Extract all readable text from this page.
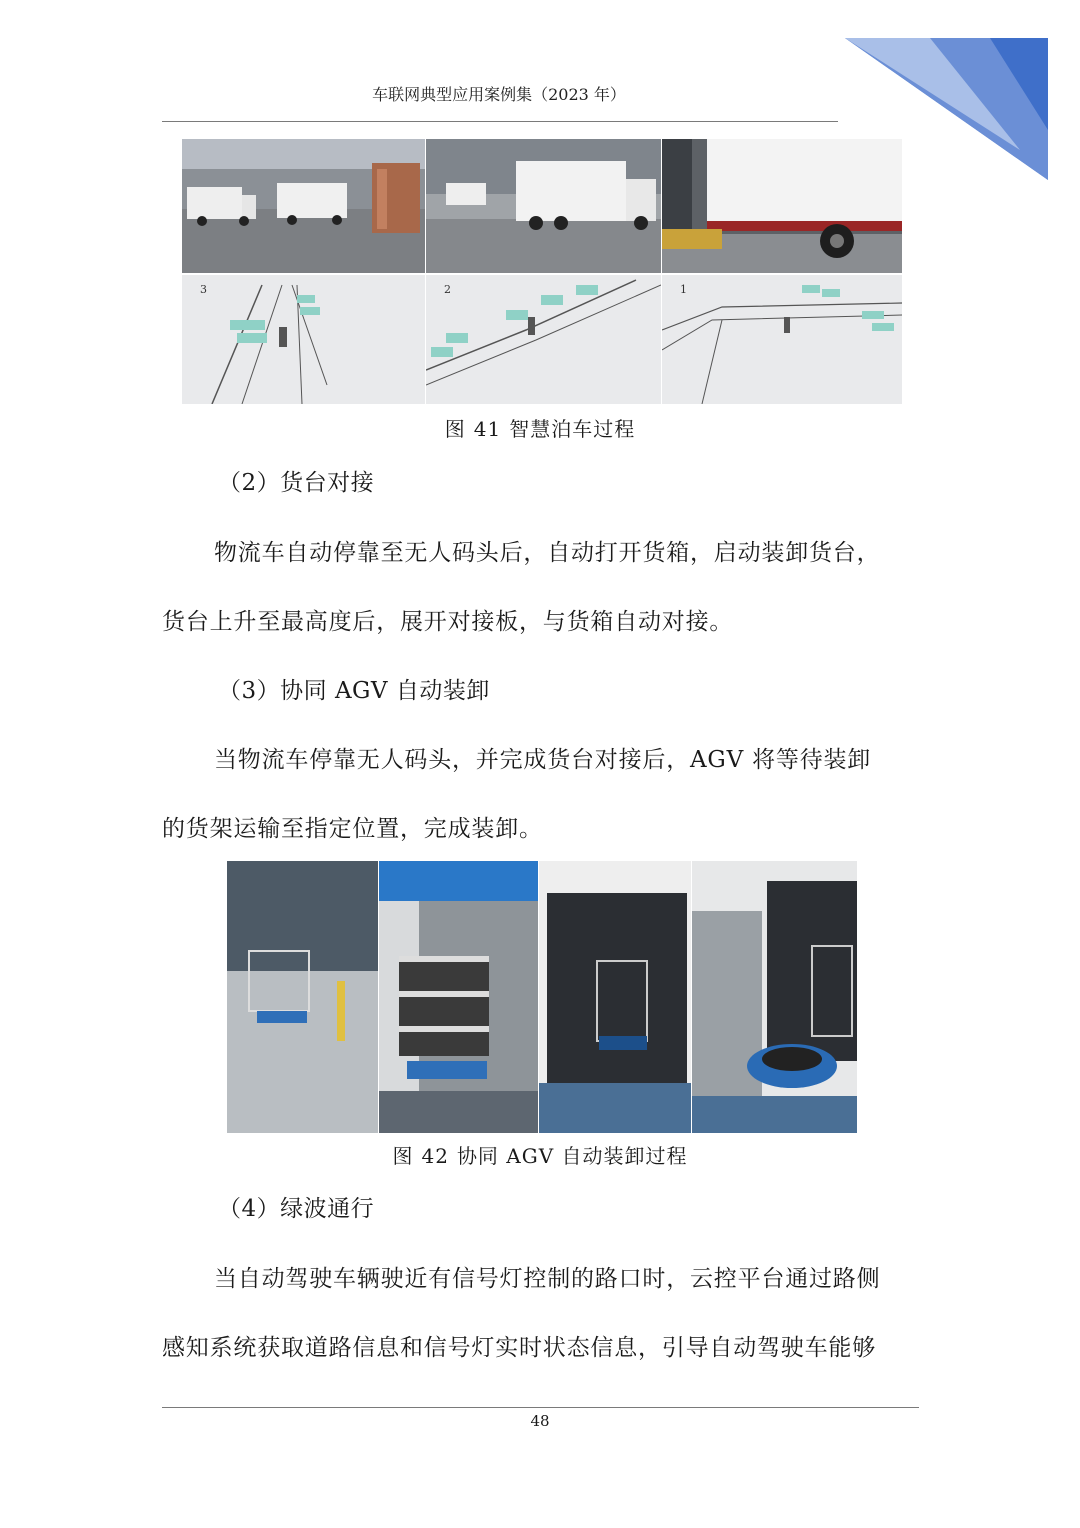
车联网典型应用案例集（2023 年）
3	2	1
图 41 智慧泊车过程
（2）货台对接
物流车自动停靠至无人码头后，自动打开货箱，启动装卸货台，
货台上升至最高度后，展开对接板，与货箱自动对接。
（3）协同 AGV 自动装卸
当物流车停靠无人码头，并完成货台对接后，AGV 将等待装卸
的货架运输至指定位置，完成装卸。
图 42 协同 AGV 自动装卸过程
（4）绿波通行
当自动驾驶车辆驶近有信号灯控制的路口时，云控平台通过路侧
感知系统获取道路信息和信号灯实时状态信息，引导自动驾驶车能够
48
